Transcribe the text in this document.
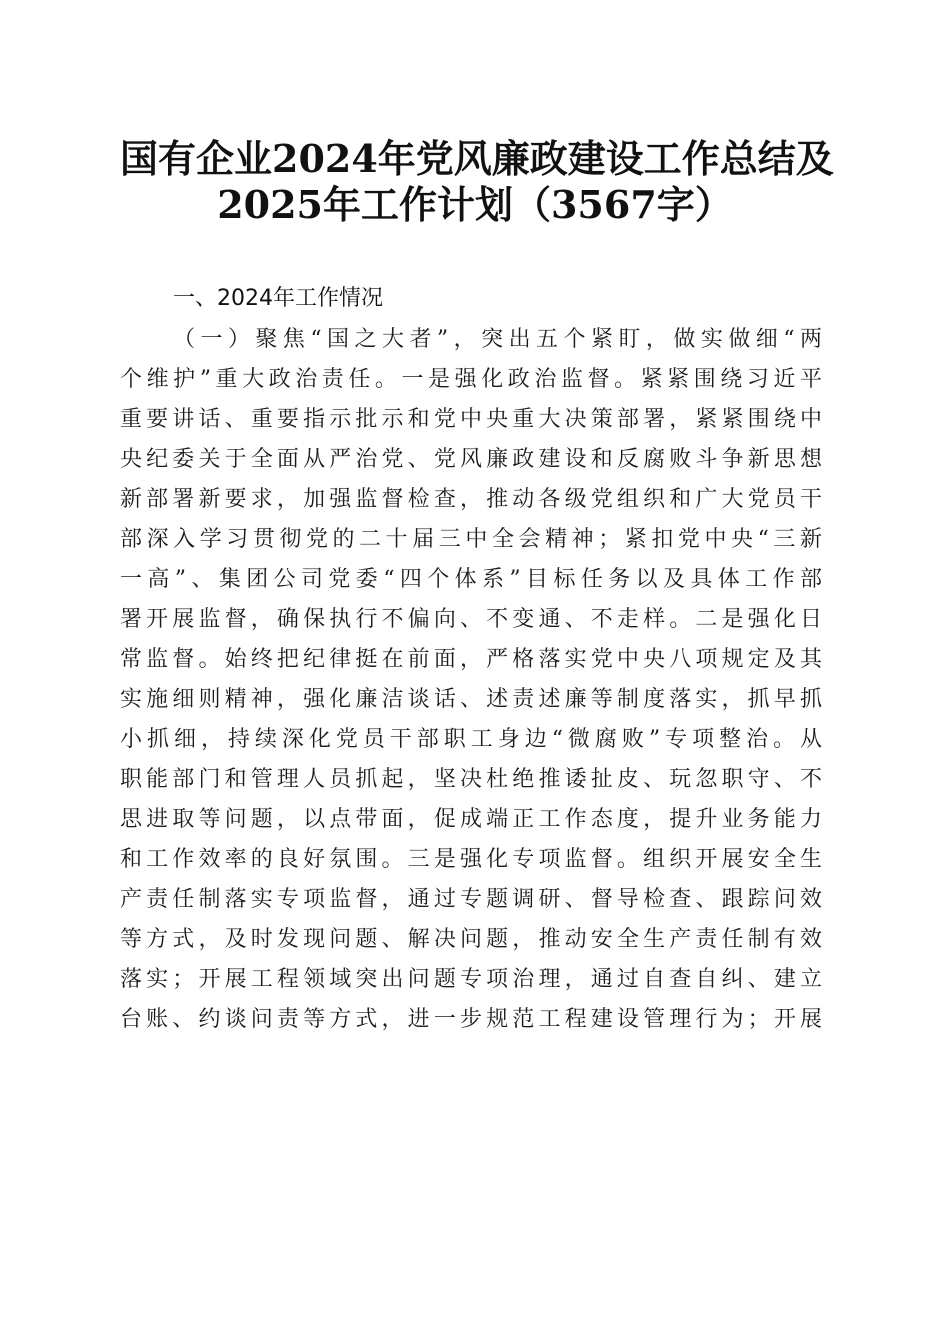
国有企业2024年党风廉政建设工作总结及
2025年工作计划（3567字）
一、2024年工作情况
（一）聚焦“国之大者”，突出五个紧盯，做实做细“两
个维护”重大政治责任。一是强化政治监督。紧紧围绕习近平
重要讲话、重要指示批示和党中央重大决策部署，紧紧围绕中
央纪委关于全面从严治党、党风廉政建设和反腐败斗争新思想
新部署新要求，加强监督检查，推动各级党组织和广大党员干
部深入学习贯彻党的二十届三中全会精神；紧扣党中央“三新
一高”、集团公司党委“四个体系”目标任务以及具体工作部
署开展监督，确保执行不偏向、不变通、不走样。二是强化日
常监督。始终把纪律挺在前面，严格落实党中央八项规定及其
实施细则精神，强化廉洁谈话、述责述廉等制度落实，抓早抓
小抓细，持续深化党员干部职工身边“微腐败”专项整治。从
职能部门和管理人员抓起，坚决杜绝推诿扯皮、玩忽职守、不
思进取等问题，以点带面，促成端正工作态度，提升业务能力
和工作效率的良好氛围。三是强化专项监督。组织开展安全生
产责任制落实专项监督，通过专题调研、督导检查、跟踪问效
等方式，及时发现问题、解决问题，推动安全生产责任制有效
落实；开展工程领域突出问题专项治理，通过自查自纠、建立
台账、约谈问责等方式，进一步规范工程建设管理行为；开展
